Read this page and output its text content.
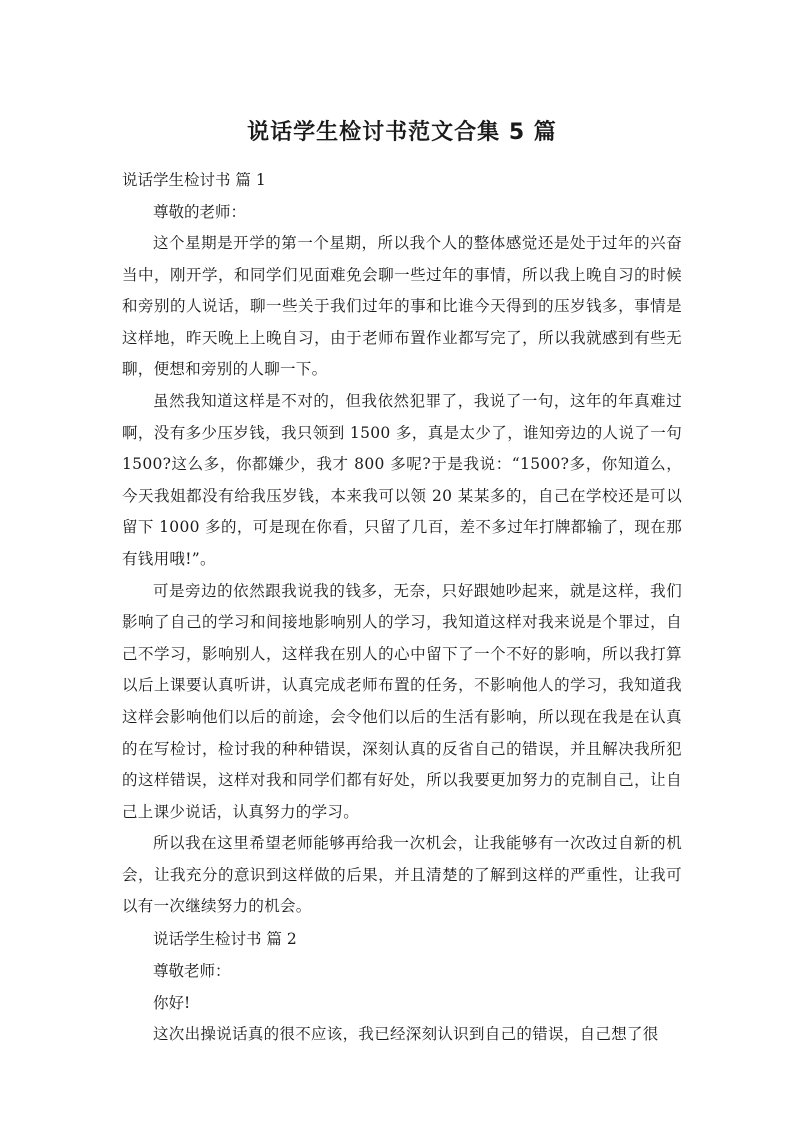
说话学生检讨书范文合集 5 篇

说话学生检讨书 篇 1

尊敬的老师：

这个星期是开学的第一个星期，所以我个人的整体感觉还是处于过年的兴奋当中，刚开学，和同学们见面难免会聊一些过年的事情，所以我上晚自习的时候和旁别的人说话，聊一些关于我们过年的事和比谁今天得到的压岁钱多，事情是这样地，昨天晚上上晚自习，由于老师布置作业都写完了，所以我就感到有些无聊，便想和旁别的人聊一下。

虽然我知道这样是不对的，但我依然犯罪了，我说了一句，这年的年真难过啊，没有多少压岁钱，我只领到 1500 多，真是太少了，谁知旁边的人说了一句 1500?这么多，你都嫌少，我才 800 多呢?于是我说：“1500?多，你知道么，今天我姐都没有给我压岁钱，本来我可以领 20 某某多的，自己在学校还是可以留下 1000 多的，可是现在你看，只留了几百，差不多过年打牌都输了，现在那有钱用哦!”。

可是旁边的依然跟我说我的钱多，无奈，只好跟她吵起来，就是这样，我们影响了自己的学习和间接地影响别人的学习，我知道这样对我来说是个罪过，自己不学习，影响别人，这样我在别人的心中留下了一个不好的影响，所以我打算以后上课要认真听讲，认真完成老师布置的任务，不影响他人的学习，我知道我这样会影响他们以后的前途，会令他们以后的生活有影响，所以现在我是在认真的在写检讨，检讨我的种种错误，深刻认真的反省自己的错误，并且解决我所犯的这样错误，这样对我和同学们都有好处，所以我要更加努力的克制自己，让自己上课少说话，认真努力的学习。

所以我在这里希望老师能够再给我一次机会，让我能够有一次改过自新的机会，让我充分的意识到这样做的后果，并且清楚的了解到这样的严重性，让我可以有一次继续努力的机会。

说话学生检讨书 篇 2

尊敬老师：

你好!

这次出操说话真的很不应该，我已经深刻认识到自己的错误，自己想了很
